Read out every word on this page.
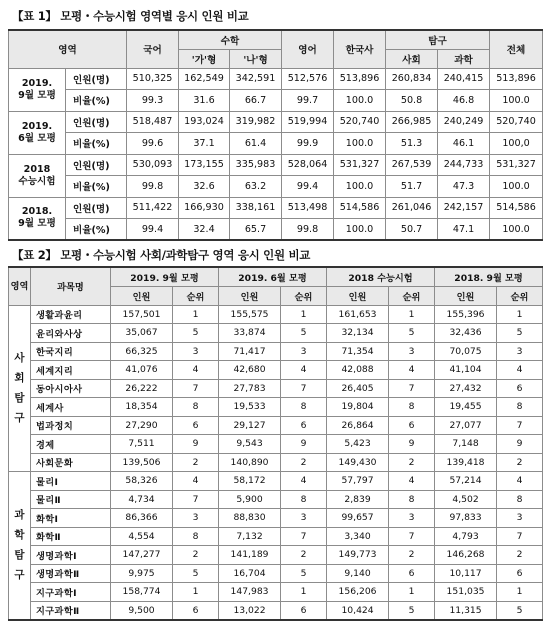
【표 1】 모평・수능시험 영역별 응시 인원 비교
영역		국어	수학		영어	한국사	탐구		전체
			'가'형	'나'형			사회	과학	
2019.
9월 모평	인원(명)	510,325	162,549	342,591	512,576	513,896	260,834	240,415	513,896
	비율(%)	99.3	31.6	66.7	99.7	100.0	50.8	46.8	100.0
2019.
6월 모평	인원(명)	518,487	193,024	319,982	519,994	520,740	266,985	240,249	520,740
	비율(%)	99.6	37.1	61.4	99.9	100.0	51.3	46.1	100,0
2018
수능시험	인원(명)	530,093	173,155	335,983	528,064	531,327	267,539	244,733	531,327
	비율(%)	99.8	32.6	63.2	99.4	100.0	51.7	47.3	100.0
2018.
9월 모평	인원(명)	511,422	166,930	338,161	513,498	514,586	261,046	242,157	514,586
	비율(%)	99.4	32.4	65.7	99.8	100.0	50.7	47.1	100.0
【표 2】 모평・수능시험 사회/과학탐구 영역 응시 인원 비교
영역	과목명	2019. 9월 모평		2019. 6월 모평		2018 수능시험		2018. 9월 모평	
		인원	순위	인원	순위	인원	순위	인원	순위
사
회
탐
구	생활과윤리	157,501	1	155,575	1	161,653	1	155,396	1
	윤리와사상	35,067	5	33,874	5	32,134	5	32,436	5
	한국지리	66,325	3	71,417	3	71,354	3	70,075	3
	세계지리	41,076	4	42,680	4	42,088	4	41,104	4
	동아시아사	26,222	7	27,783	7	26,405	7	27,432	6
	세계사	18,354	8	19,533	8	19,804	8	19,455	8
	법과정치	27,290	6	29,127	6	26,864	6	27,077	7
	경제	7,511	9	9,543	9	5,423	9	7,148	9
	사회문화	139,506	2	140,890	2	149,430	2	139,418	2
과
학
탐
구	물리Ⅰ	58,326	4	58,172	4	57,797	4	57,214	4
	물리Ⅱ	4,734	7	5,900	8	2,839	8	4,502	8
	화학Ⅰ	86,366	3	88,830	3	99,657	3	97,833	3
	화학Ⅱ	4,554	8	7,132	7	3,340	7	4,793	7
	생명과학Ⅰ	147,277	2	141,189	2	149,773	2	146,268	2
	생명과학Ⅱ	9,975	5	16,704	5	9,140	6	10,117	6
	지구과학Ⅰ	158,774	1	147,983	1	156,206	1	151,035	1
	지구과학Ⅱ	9,500	6	13,022	6	10,424	5	11,315	5
